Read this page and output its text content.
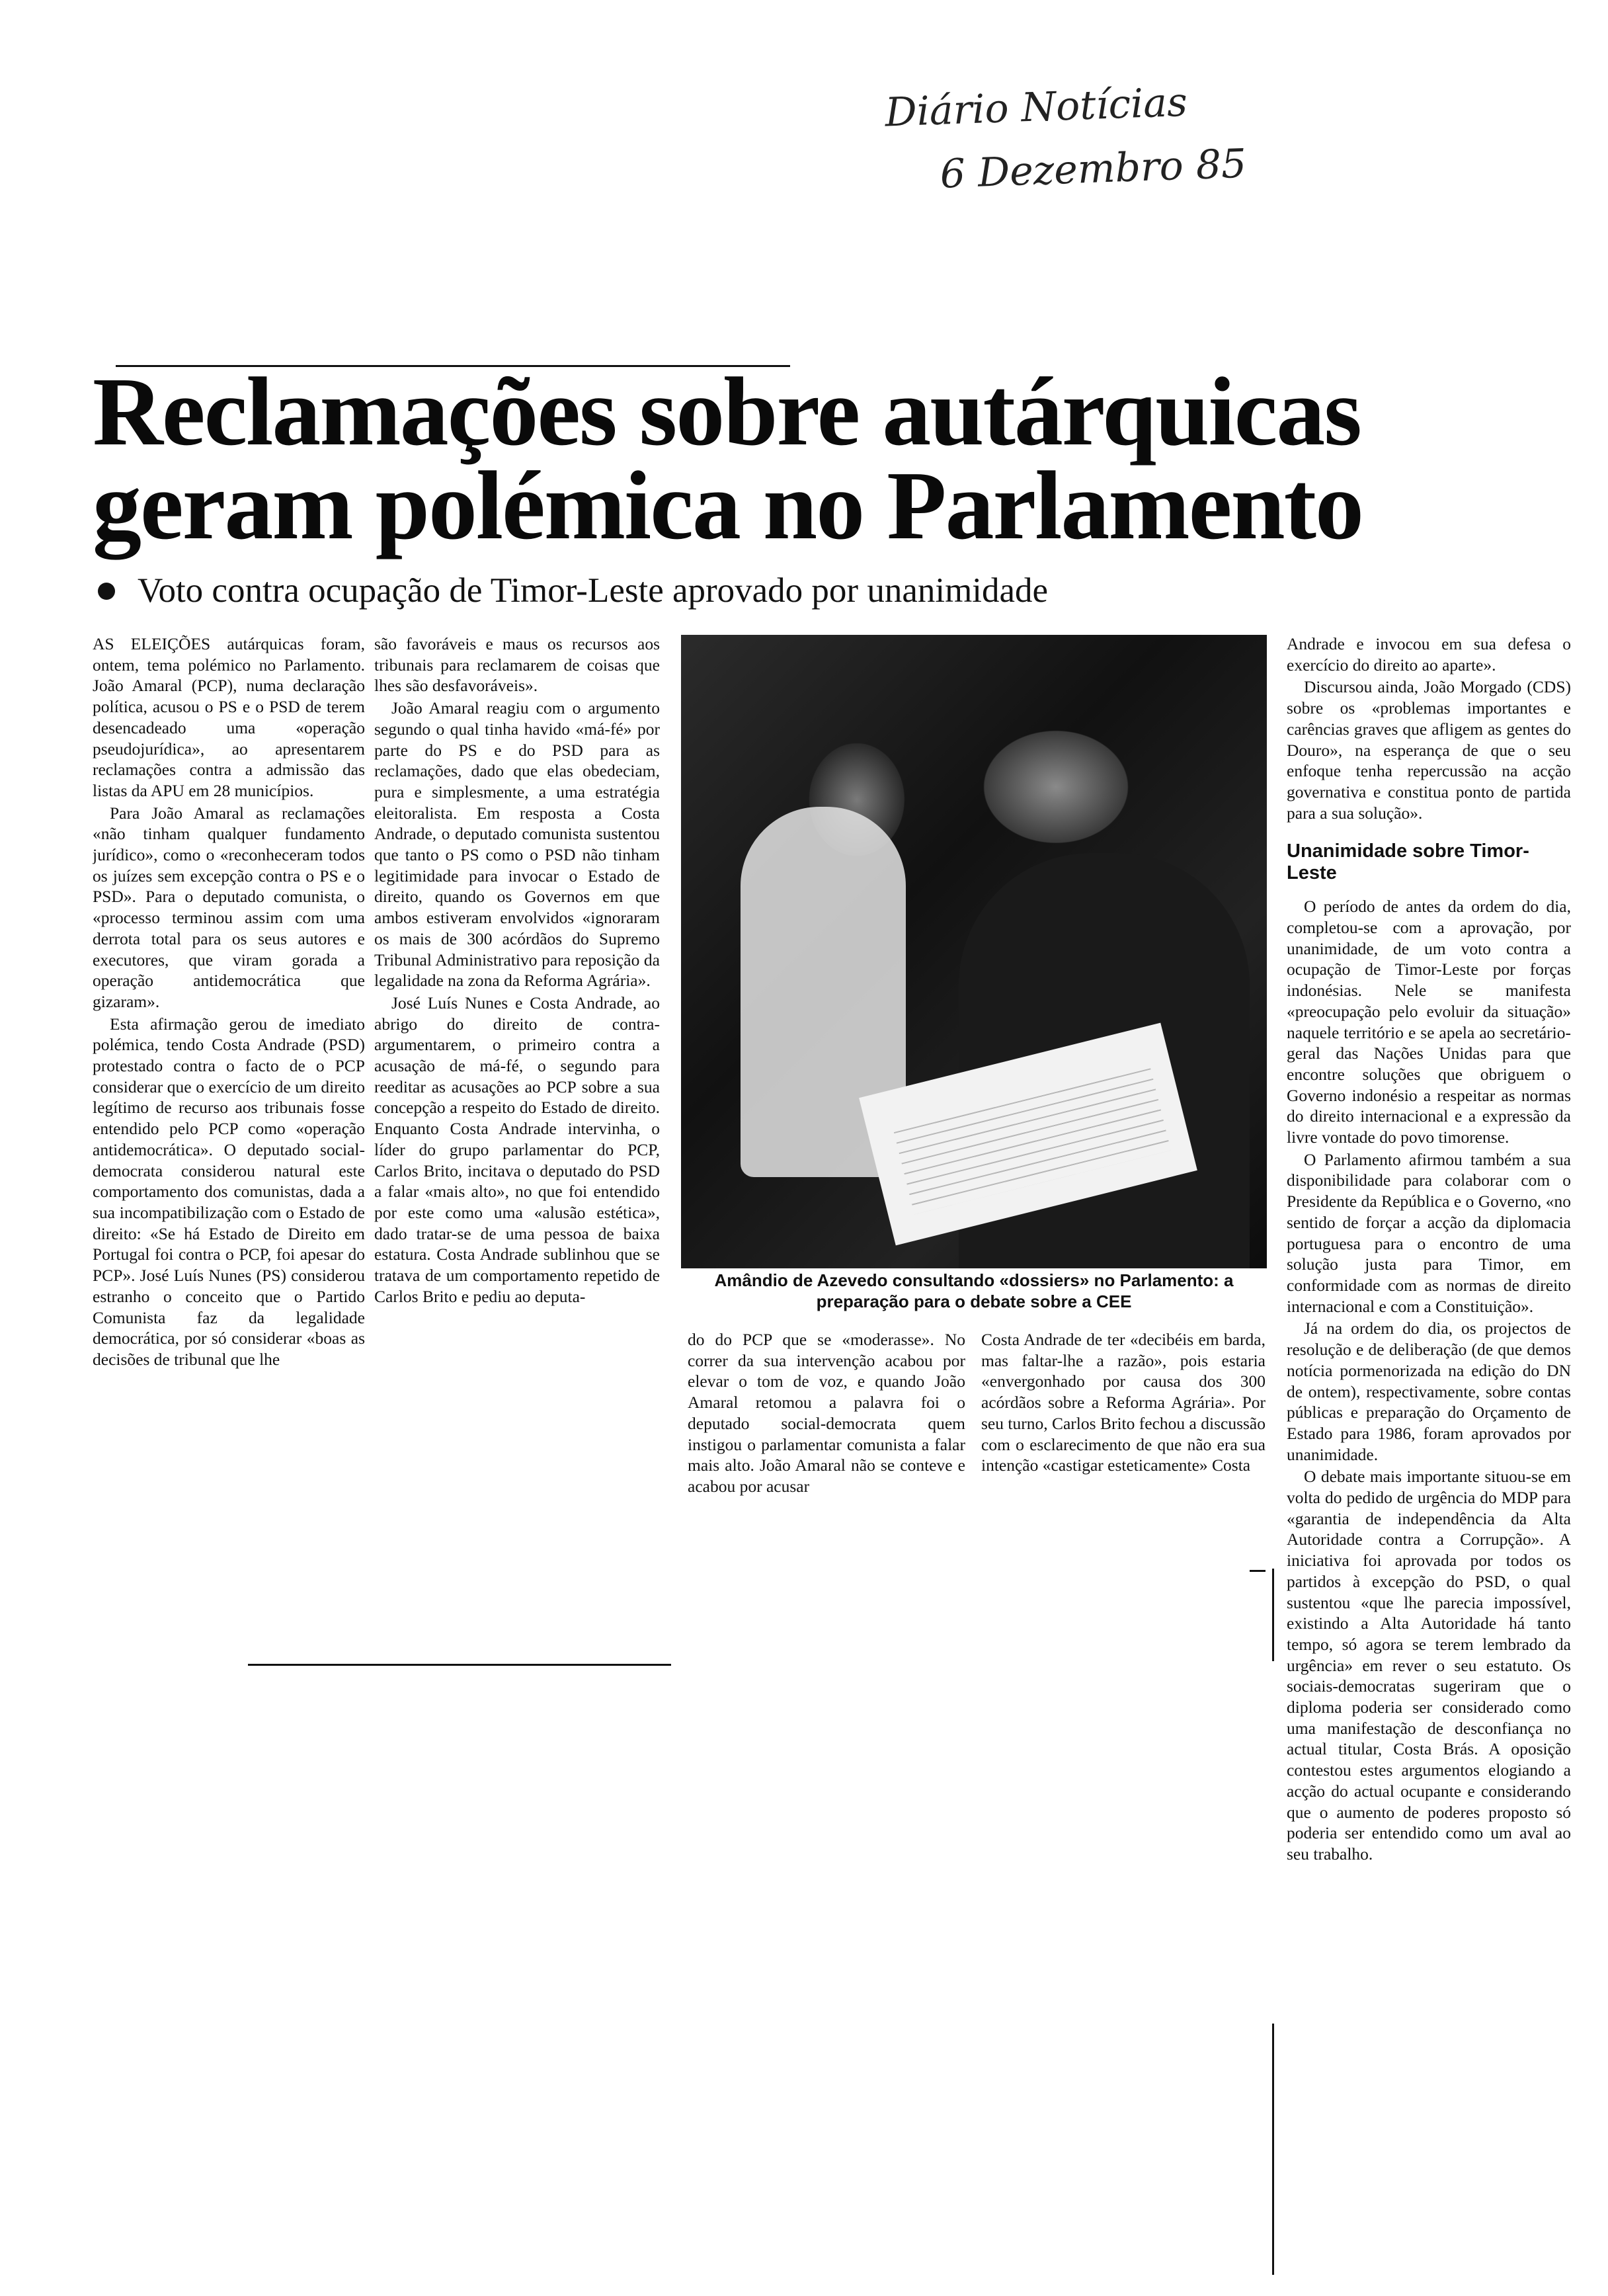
Diário Notícias
6 Dezembro 85
Reclamações sobre autárquicas geram polémica no Parlamento
Voto contra ocupação de Timor-Leste aprovado por unanimidade

AS ELEIÇÕES autárquicas foram, ontem, tema polémico no Parlamento. João Amaral (PCP), numa declaração política, acusou o PS e o PSD de terem desencadeado uma «operação pseudojurídica», ao apresentarem reclamações contra a admissão das listas da APU em 28 municípios.

Para João Amaral as reclamações «não tinham qualquer fundamento jurídico», como o «reconheceram todos os juízes sem excepção contra o PS e o PSD». Para o deputado comunista, o «processo terminou assim com uma derrota total para os seus autores e executores, que viram gorada a operação antidemocrática que gizaram».

Esta afirmação gerou de imediato polémica, tendo Costa Andrade (PSD) protestado contra o facto de o PCP considerar que o exercício de um direito legítimo de recurso aos tribunais fosse entendido pelo PCP como «operação antidemocrática». O deputado social-democrata considerou natural este comportamento dos comunistas, dada a sua incompatibilização com o Estado de direito: «Se há Estado de Direito em Portugal foi contra o PCP, foi apesar do PCP». José Luís Nunes (PS) considerou estranho o conceito que o Partido Comunista faz da legalidade democrática, por só considerar «boas as decisões de tribunal que lhe

são favoráveis e maus os recursos aos tribunais para reclamarem de coisas que lhes são desfavoráveis».

João Amaral reagiu com o argumento segundo o qual tinha havido «má-fé» por parte do PS e do PSD para as reclamações, dado que elas obedeciam, pura e simplesmente, a uma estratégia eleitoralista. Em resposta a Costa Andrade, o deputado comunista sustentou que tanto o PS como o PSD não tinham legitimidade para invocar o Estado de direito, quando os Governos em que ambos estiveram envolvidos «ignoraram os mais de 300 acórdãos do Supremo Tribunal Administrativo para reposição da legalidade na zona da Reforma Agrária».

José Luís Nunes e Costa Andrade, ao abrigo do direito de contra-argumentarem, o primeiro contra a acusação de má-fé, o segundo para reeditar as acusações ao PCP sobre a sua concepção a respeito do Estado de direito. Enquanto Costa Andrade intervinha, o líder do grupo parlamentar do PCP, Carlos Brito, incitava o deputado do PSD a falar «mais alto», no que foi entendido por este como uma «alusão estética», dado tratar-se de uma pessoa de baixa estatura. Costa Andrade sublinhou que se tratava de um comportamento repetido de Carlos Brito e pediu ao deputa-

Amândio de Azevedo consultando «dossiers» no Parlamento: a preparação para o debate sobre a CEE

do do PCP que se «moderasse». No correr da sua intervenção acabou por elevar o tom de voz, e quando João Amaral retomou a palavra foi o deputado social-democrata quem instigou o parlamentar comunista a falar mais alto. João Amaral não se conteve e acabou por acusar

Costa Andrade de ter «decibéis em barda, mas faltar-lhe a razão», pois estaria «envergonhado por causa dos 300 acórdãos sobre a Reforma Agrária». Por seu turno, Carlos Brito fechou a discussão com o esclarecimento de que não era sua intenção «castigar esteticamente» Costa

Andrade e invocou em sua defesa o exercício do direito ao aparte».

Discursou ainda, João Morgado (CDS) sobre os «problemas importantes e carências graves que afligem as gentes do Douro», na esperança de que o seu enfoque tenha repercussão na acção governativa e constitua ponto de partida para a sua solução».

Unanimidade sobre Timor-Leste

O período de antes da ordem do dia, completou-se com a aprovação, por unanimidade, de um voto contra a ocupação de Timor-Leste por forças indonésias. Nele se manifesta «preocupação pelo evoluir da situação» naquele território e se apela ao secretário-geral das Nações Unidas para que encontre soluções que obriguem o Governo indonésio a respeitar as normas do direito internacional e a expressão da livre vontade do povo timorense.

O Parlamento afirmou também a sua disponibilidade para colaborar com o Presidente da República e o Governo, «no sentido de forçar a acção da diplomacia portuguesa para o encontro de uma solução justa para Timor, em conformidade com as normas de direito internacional e com a Constituição».

Já na ordem do dia, os projectos de resolução e de deliberação (de que demos notícia pormenorizada na edição do DN de ontem), respectivamente, sobre contas públicas e preparação do Orçamento de Estado para 1986, foram aprovados por unanimidade.

O debate mais importante situou-se em volta do pedido de urgência do MDP para «garantia de independência da Alta Autoridade contra a Corrupção». A iniciativa foi aprovada por todos os partidos à excepção do PSD, o qual sustentou «que lhe parecia impossível, existindo a Alta Autoridade há tanto tempo, só agora se terem lembrado da urgência» em rever o seu estatuto. Os sociais-democratas sugeriram que o diploma poderia ser considerado como uma manifestação de desconfiança no actual titular, Costa Brás. A oposição contestou estes argumentos elogiando a acção do actual ocupante e considerando que o aumento de poderes proposto só poderia ser entendido como um aval ao seu trabalho.
